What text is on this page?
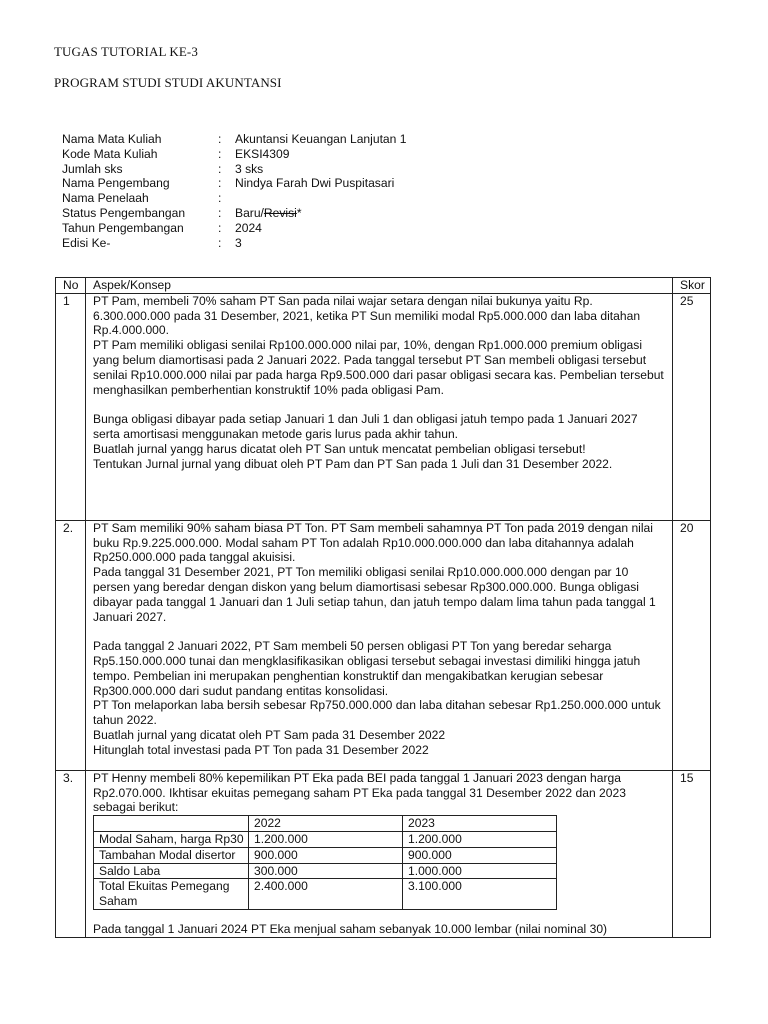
TUGAS TUTORIAL KE-3
PROGRAM STUDI STUDI AKUNTANSI
Nama Mata Kuliah	:	Akuntansi Keuangan Lanjutan 1
Kode Mata Kuliah	:	EKSI4309
Jumlah sks	:	3 sks
Nama Pengembang	:	Nindya Farah Dwi Puspitasari
Nama Penelaah	:
Status Pengembangan	:	Baru/Revisi*
Tahun Pengembangan	:	2024
Edisi Ke-	:	3
No	Aspek/Konsep	Skor
1	PT Pam, membeli 70% saham PT San pada nilai wajar setara dengan nilai bukunya yaitu Rp. 6.300.000.000 pada 31 Desember, 2021, ketika PT Sun memiliki modal Rp5.000.000 dan laba ditahan Rp.4.000.000.
PT Pam memiliki obligasi senilai Rp100.000.000 nilai par, 10%, dengan Rp1.000.000 premium obligasi yang belum diamortisasi pada 2 Januari 2022. Pada tanggal tersebut PT San membeli obligasi tersebut senilai Rp10.000.000 nilai par pada harga Rp9.500.000 dari pasar obligasi secara kas. Pembelian tersebut menghasilkan pemberhentian konstruktif 10% pada obligasi Pam.
Bunga obligasi dibayar pada setiap Januari 1 dan Juli 1 dan obligasi jatuh tempo pada 1 Januari 2027 serta amortisasi menggunakan metode garis lurus pada akhir tahun.
Buatlah jurnal yangg harus dicatat oleh PT San untuk mencatat pembelian obligasi tersebut!
Tentukan Jurnal jurnal yang dibuat oleh PT Pam dan PT San pada 1 Juli dan 31 Desember 2022.
	25
2.	PT Sam memiliki 90% saham biasa PT Ton. PT Sam membeli sahamnya PT Ton pada 2019 dengan nilai buku Rp.9.225.000.000. Modal saham PT Ton adalah Rp10.000.000.000 dan laba ditahannya adalah Rp250.000.000 pada tanggal akuisisi.
Pada tanggal 31 Desember 2021, PT Ton memiliki obligasi senilai Rp10.000.000.000 dengan par 10 persen yang beredar dengan diskon yang belum diamortisasi sebesar Rp300.000.000. Bunga obligasi dibayar pada tanggal 1 Januari dan 1 Juli setiap tahun, dan jatuh tempo dalam lima tahun pada tanggal 1 Januari 2027.
Pada tanggal 2 Januari 2022, PT Sam membeli 50 persen obligasi PT Ton yang beredar seharga Rp5.150.000.000 tunai dan mengklasifikasikan obligasi tersebut sebagai investasi dimiliki hingga jatuh tempo. Pembelian ini merupakan penghentian konstruktif dan mengakibatkan kerugian sebesar Rp300.000.000 dari sudut pandang entitas konsolidasi.
PT Ton melaporkan laba bersih sebesar Rp750.000.000 dan laba ditahan sebesar Rp1.250.000.000 untuk tahun 2022.
Buatlah jurnal yang dicatat oleh PT Sam pada 31 Desember 2022
Hitunglah total investasi pada PT Ton pada 31 Desember 2022
	20
3.	PT Henny membeli 80% kepemilikan PT Eka pada BEI pada tanggal 1 Januari 2023 dengan harga Rp2.070.000. Ikhtisar ekuitas pemegang saham PT Eka pada tanggal 31 Desember 2022 dan 2023 sebagai berikut:
	2022	2023
Modal Saham, harga Rp30	1.200.000	1.200.000
Tambahan Modal disertor	900.000	900.000
Saldo Laba	300.000	1.000.000
Total Ekuitas Pemegang Saham	2.400.000	3.100.000
Pada tanggal 1 Januari 2024 PT Eka menjual saham sebanyak 10.000 lembar (nilai nominal 30)
	15
